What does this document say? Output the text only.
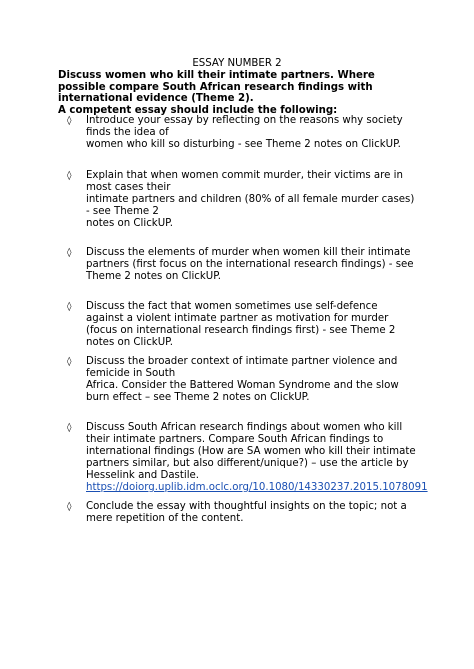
ESSAY NUMBER 2

Discuss women who kill their intimate partners. Where possible compare South African research findings with international evidence (Theme 2).

A competent essay should include the following:

◊	Introduce your essay by reflecting on the reasons why society finds the idea of
women who kill so disturbing - see Theme 2 notes on ClickUP.
◊	Explain that when women commit murder, their victims are in most cases their
intimate partners and children (80% of all female murder cases) - see Theme 2
notes on ClickUP.
◊	Discuss the elements of murder when women kill their intimate partners (first focus on the international research findings) - see Theme 2 notes on ClickUP.
◊	Discuss the fact that women sometimes use self-defence against a violent intimate partner as motivation for murder (focus on international research findings first) - see Theme 2 notes on ClickUP.
◊	Discuss the broader context of intimate partner violence and femicide in South
Africa. Consider the Battered Woman Syndrome and the slow burn effect – see Theme 2 notes on ClickUP.
◊	Discuss South African research findings about women who kill their intimate partners. Compare South African findings to international findings (How are SA women who kill their intimate partners similar, but also different/unique?) – use the article by Hesselink and Dastile.
https://doiorg.uplib.idm.oclc.org/10.1080/14330237.2015.1078091
◊	Conclude the essay with thoughtful insights on the topic; not a mere repetition of the content.
